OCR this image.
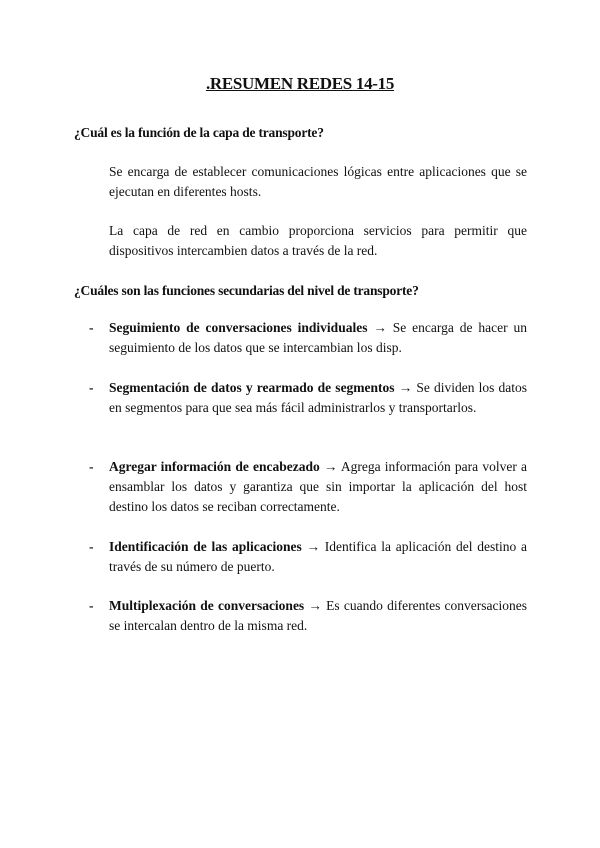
.RESUMEN REDES 14-15
¿Cuál es la función de la capa de transporte?
Se encarga de establecer comunicaciones lógicas entre aplicaciones que se ejecutan en diferentes hosts.
La capa de red en cambio proporciona servicios para permitir que dispositivos intercambien datos a través de la red.
¿Cuáles son las funciones secundarias del nivel de transporte?
-	Seguimiento de conversaciones individuales → Se encarga de hacer un seguimiento de los datos que se intercambian los disp.
-	Segmentación de datos y rearmado de segmentos → Se dividen los datos en segmentos para que sea más fácil administrarlos y transportarlos.
-	Agregar información de encabezado → Agrega información para volver a ensamblar los datos y garantiza que sin importar la aplicación del host destino los datos se reciban correctamente.
-	Identificación de las aplicaciones → Identifica la aplicación del destino a través de su número de puerto.
-	Multiplexación de conversaciones → Es cuando diferentes conversaciones se intercalan dentro de la misma red.
